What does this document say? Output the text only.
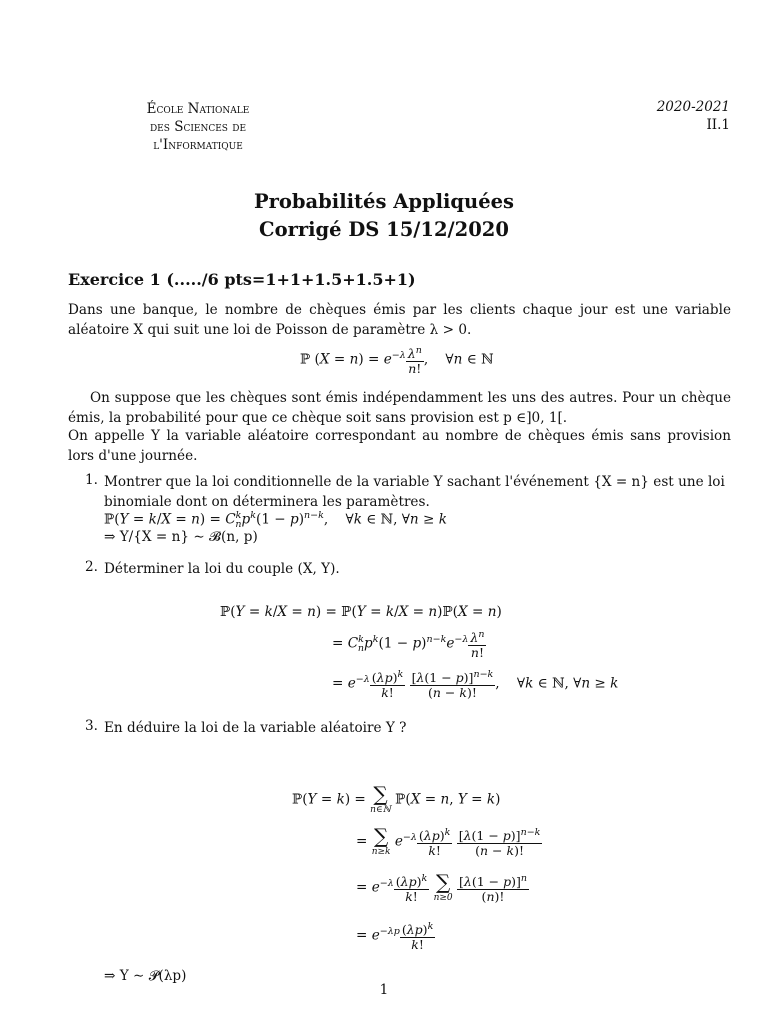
École Nationale
des Sciences de
l'Informatique
2020-2021
II.1
Probabilités Appliquées
Corrigé DS 15/12/2020
Exercice 1 (...../6 pts=1+1+1.5+1.5+1)
Dans une banque, le nombre de chèques émis par les clients chaque jour est une variable aléatoire X qui suit une loi de Poisson de paramètre λ > 0.
ℙ $(X = n) = e^{-\lambda} \frac{\lambda^n}{n!}$ ,    ∀n ∈ ℕ
On suppose que les chèques sont émis indépendamment les uns des autres. Pour un chèque émis, la probabilité pour que ce chèque soit sans provision est p ∈]0, 1[.
On appelle Y la variable aléatoire correspondant au nombre de chèques émis sans provision lors d'une journée.
1. Montrer que la loi conditionnelle de la variable Y sachant l'événement {X = n} est une loi
binomiale dont on déterminera les paramètres.
ℙ(Y = $k/X = n) = C^k_np^k(1 - p)^{n-k}$,    ∀k ∈ ℕ, ∀n ≥ k
⇒ Y/{X = n} ∼ 𝓑(n, p)
2. Déterminer la loi du couple (X, Y).
ℙ(Y = k/X = n) = ℙ(Y = k/X = n)ℙ(X = n)
= $C^k_np^k(1 - p)^{n-k}e^{-\lambda} \frac{\lambda^n}{n!}$
= $e^{-\lambda} \frac{(\lambda p)^k}{k!}$
$\frac{[\lambda(1 - p)]^{n-k}}{(n - k)!}$ ,    ∀k ∈ ℕ, ∀n ≥ k
3. En déduire la loi de la variable aléatoire Y ?
ℙ(Y = k) = ∑
n∈ℕ
ℙ(X = n, Y = k)
= ∑
n≥k
$e^{-\lambda} \frac{(\lambda p)^k}{k!}$
$\frac{[\lambda(1 - p)]^{n-k}}{(n - k)!}$
= $e^{-\lambda} \frac{(\lambda p)^k}{k!}$
∑
n≥0
$\frac{[\lambda(1 - p)]^n}{(n)!}$
= $e^{-\lambda p} \frac{(\lambda p)^k}{k!}$
⇒ Y ∼ 𝓟(λp)
1
